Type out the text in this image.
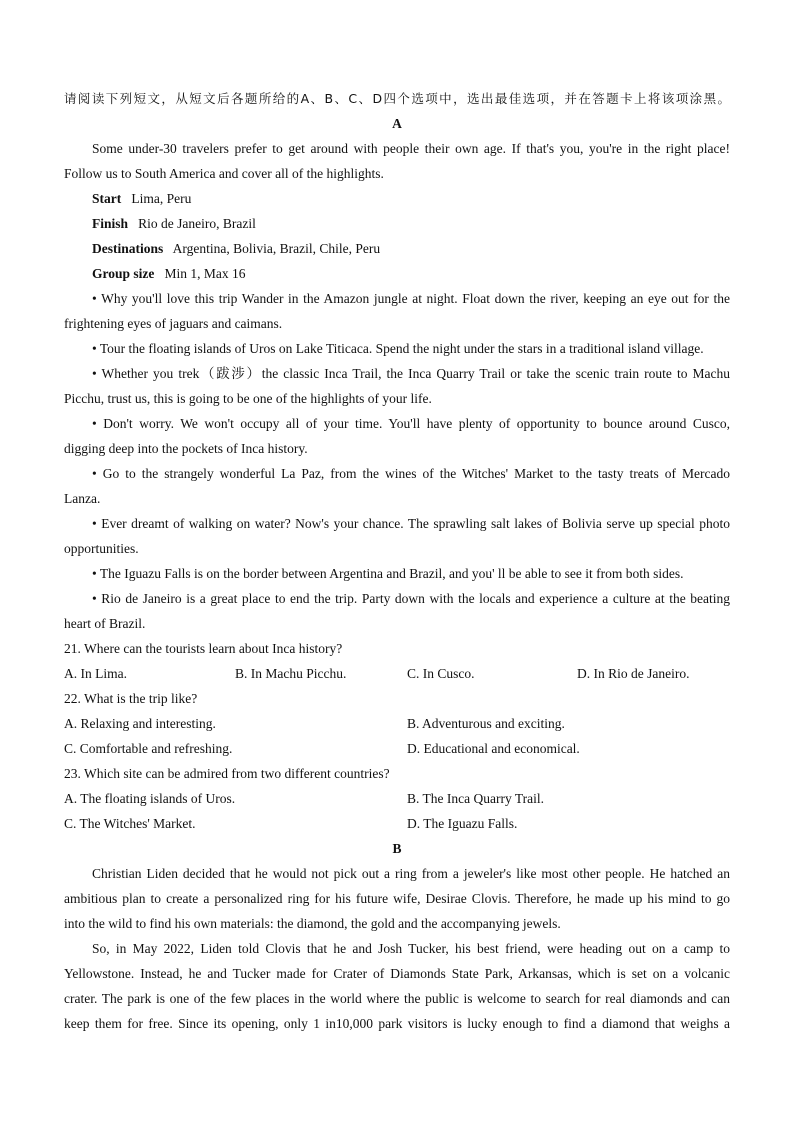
请阅读下列短文，从短文后各题所给的A、B、C、D四个选项中，选出最佳选项，并在答题卡上将该项涂黑。
A
Some under-30 travelers prefer to get around with people their own age. If that's you, you're in the right place!
Follow us to South America and cover all of the highlights.
Start Lima, Peru
Finish Rio de Janeiro, Brazil
Destinations Argentina, Bolivia, Brazil, Chile, Peru
Group size Min 1, Max 16
• Why you'll love this trip Wander in the Amazon jungle at night. Float down the river, keeping an eye out for the
frightening eyes of jaguars and caimans.
• Tour the floating islands of Uros on Lake Titicaca. Spend the night under the stars in a traditional island village.
• Whether you trek（跋涉）the classic Inca Trail, the Inca Quarry Trail or take the scenic train route to Machu
Picchu, trust us, this is going to be one of the highlights of your life.
• Don't worry. We won't occupy all of your time. You'll have plenty of opportunity to bounce around Cusco,
digging deep into the pockets of Inca history.
• Go to the strangely wonderful La Paz, from the wines of the Witches' Market to the tasty treats of Mercado
Lanza.
• Ever dreamt of walking on water? Now's your chance. The sprawling salt lakes of Bolivia serve up special photo
opportunities.
• The Iguazu Falls is on the border between Argentina and Brazil, and you' ll be able to see it from both sides.
• Rio de Janeiro is a great place to end the trip. Party down with the locals and experience a culture at the beating
heart of Brazil.
21. Where can the tourists learn about Inca history?
A. In Lima.	B. In Machu Picchu.	C. In Cusco.	D. In Rio de Janeiro.
22. What is the trip like?
A. Relaxing and interesting.	B. Adventurous and exciting.
C. Comfortable and refreshing.	D. Educational and economical.
23. Which site can be admired from two different countries?
A. The floating islands of Uros.	B. The Inca Quarry Trail.
C. The Witches' Market.	D. The Iguazu Falls.
B
Christian Liden decided that he would not pick out a ring from a jeweler's like most other people. He hatched an
ambitious plan to create a personalized ring for his future wife, Desirae Clovis. Therefore, he made up his mind to go
into the wild to find his own materials: the diamond, the gold and the accompanying jewels.
So, in May 2022, Liden told Clovis that he and Josh Tucker, his best friend, were heading out on a camp to
Yellowstone. Instead, he and Tucker made for Crater of Diamonds State Park, Arkansas, which is set on a volcanic
crater. The park is one of the few places in the world where the public is welcome to search for real diamonds and can
keep them for free. Since its opening, only 1 in10,000 park visitors is lucky enough to find a diamond that weighs a
